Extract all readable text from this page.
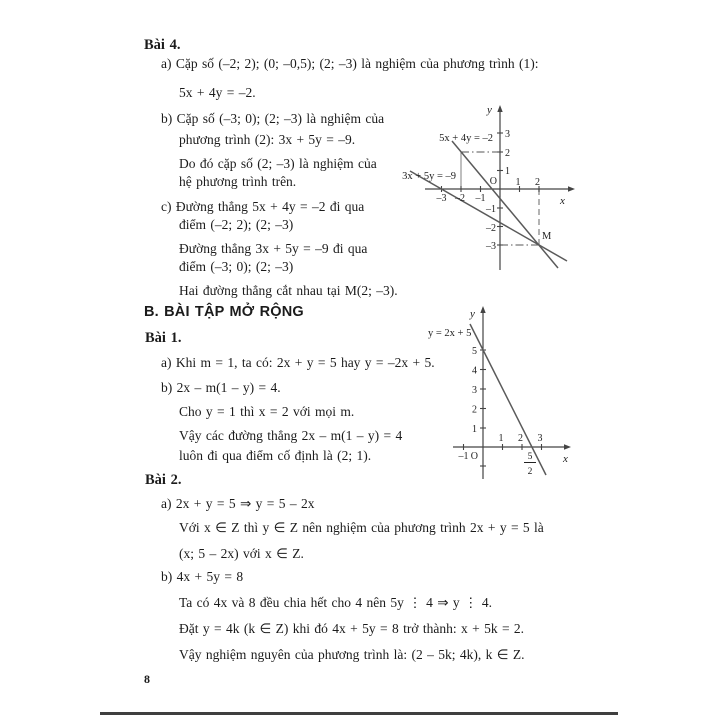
Bài 4.
a) Cặp số (–2; 2); (0; –0,5); (2; –3) là nghiệm của phương trình (1):
5x + 4y = –2.
b) Cặp số (–3; 0); (2; –3) là nghiệm của
phương trình (2): 3x + 5y = –9.
Do đó cặp số (2; –3) là nghiệm của
hệ phương trình trên.
c) Đường thẳng 5x + 4y = –2 đi qua
điểm (–2; 2); (2; –3)
Đường thẳng 3x + 5y = –9 đi qua
điểm (–3; 0); (2; –3)
Hai đường thẳng cắt nhau tại M(2; –3).
B. BÀI TẬP MỞ RỘNG
Bài 1.
a) Khi m = 1, ta có: 2x + y = 5 hay y = –2x + 5.
b) 2x – m(1 – y) = 4.
Cho y = 1 thì x = 2 với mọi m.
Vậy các đường thẳng 2x – m(1 – y) = 4
luôn đi qua điểm cố định là (2; 1).
Bài 2.
a) 2x + y = 5 ⇒ y = 5 – 2x
Với x ∈ Z thì y ∈ Z nên nghiệm của phương trình 2x + y = 5 là
(x; 5 – 2x) với x ∈ Z.
b) 4x + 5y = 8
Ta có 4x và 8 đều chia hết cho 4 nên 5y ⋮ 4 ⇒ y ⋮ 4.
Đặt y = 4k (k ∈ Z) khi đó 4x + 5y = 8 trở thành: x + 5k = 2.
Vậy nghiệm nguyên của phương trình là: (2 – 5k; 4k), k ∈ Z.
5x + 4y = –2
3x + 5y = –9
3
2
1
–1
–2
–3
–3 –2 –1
1 2
O
M
x
y
y = 2x + 5
5
4
3
2
1
–1
1 2 3
O	5
2
x
y
8
